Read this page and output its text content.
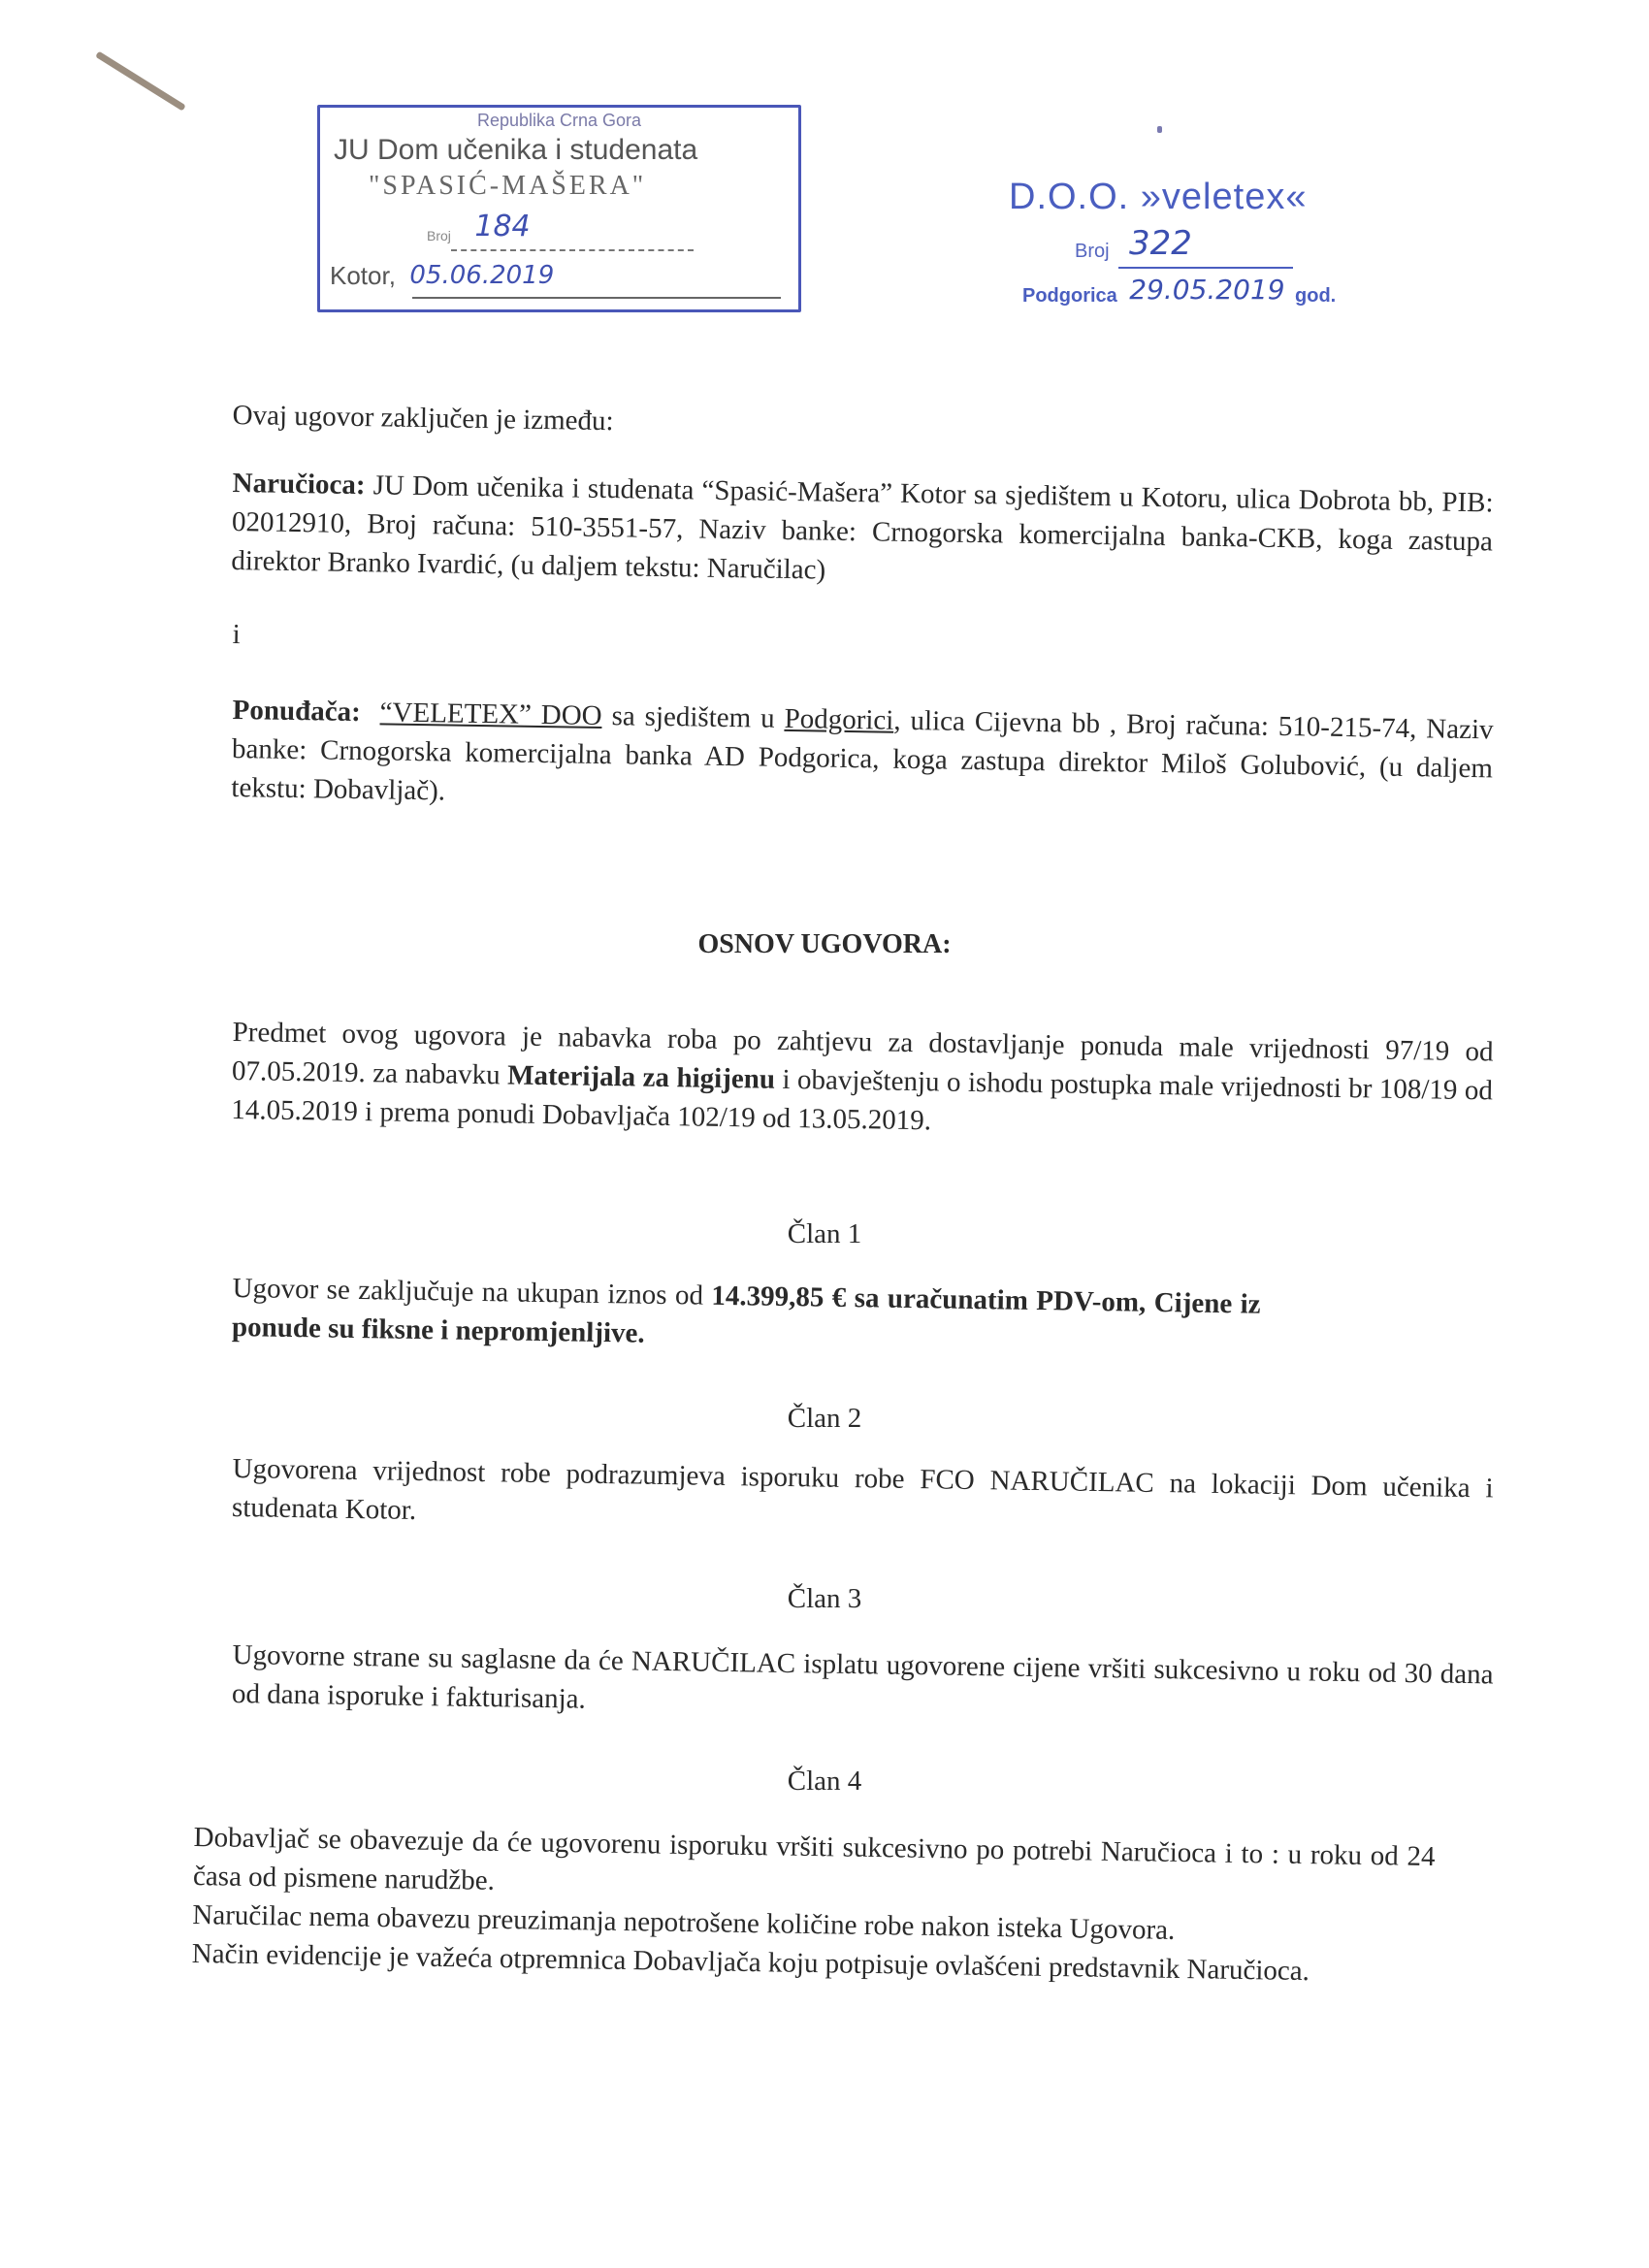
Republika Crna Gora
JU Dom učenika i studenata
"SPASIĆ-MAŠERA"
Broj 184
Kotor, 05.06.2019
D.O.O. »veletex«
Broj 322
Podgorica 29.05.2019 god.
Ovaj ugovor zaključen je između:
Naručioca: JU Dom učenika i studenata “Spasić-Mašera” Kotor sa sjedištem u Kotoru, ulica Dobrota bb, PIB: 02012910, Broj računa: 510-3551-57, Naziv banke: Crnogorska komercijalna banka-CKB, koga zastupa direktor Branko Ivardić, (u daljem tekstu: Naručilac)
i
Ponuđača: “VELETEX” DOO sa sjedištem u Podgorici, ulica Cijevna bb , Broj računa: 510-215-74, Naziv banke: Crnogorska komercijalna banka AD Podgorica, koga zastupa direktor Miloš Golubović, (u daljem tekstu: Dobavljač).
OSNOV UGOVORA:
Predmet ovog ugovora je nabavka roba po zahtjevu za dostavljanje ponuda male vrijednosti 97/19 od 07.05.2019. za nabavku Materijala za higijenu i obavještenju o ishodu postupka male vrijednosti br 108/19 od 14.05.2019 i prema ponudi Dobavljača 102/19 od 13.05.2019.
Član 1
Ugovor se zaključuje na ukupan iznos od 14.399,85 € sa uračunatim PDV-om, Cijene iz ponude su fiksne i nepromjenljive.
Član 2
Ugovorena vrijednost robe podrazumjeva isporuku robe FCO NARUČILAC na lokaciji Dom učenika i studenata Kotor.
Član 3
Ugovorne strane su saglasne da će NARUČILAC isplatu ugovorene cijene vršiti sukcesivno u roku od 30 dana od dana isporuke i fakturisanja.
Član 4
Dobavljač se obavezuje da će ugovorenu isporuku vršiti sukcesivno po potrebi Naručioca i to : u roku od 24 časa od pismene narudžbe.
Naručilac nema obavezu preuzimanja nepotrošene količine robe nakon isteka Ugovora.
Način evidencije je važeća otpremnica Dobavljača koju potpisuje ovlašćeni predstavnik Naručioca.
